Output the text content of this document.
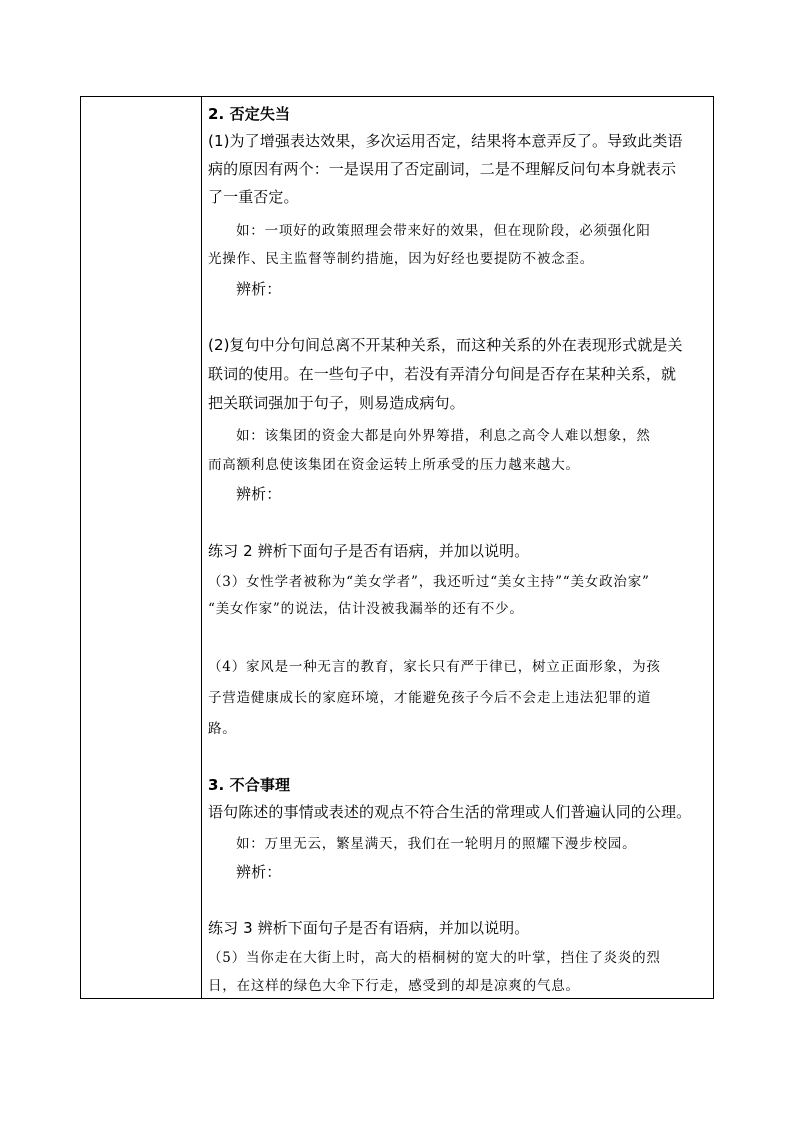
2. 否定失当
(1)为了增强表达效果，多次运用否定，结果将本意弄反了。导致此类语
病的原因有两个：一是误用了否定副词，二是不理解反问句本身就表示
了一重否定。
如：一项好的政策照理会带来好的效果，但在现阶段，必须强化阳
光操作、民主监督等制约措施，因为好经也要提防不被念歪。
辨析：
(2)复句中分句间总离不开某种关系，而这种关系的外在表现形式就是关
联词的使用。在一些句子中，若没有弄清分句间是否存在某种关系，就
把关联词强加于句子，则易造成病句。
如：该集团的资金大都是向外界筹措，利息之高令人难以想象，然
而高额利息使该集团在资金运转上所承受的压力越来越大。
辨析：
练习 2 辨析下面句子是否有语病，并加以说明。
（3）女性学者被称为“美女学者”，我还听过“美女主持”“美女政治家”
“美女作家”的说法，估计没被我漏举的还有不少。
（4）家风是一种无言的教育，家长只有严于律已，树立正面形象，为孩
子营造健康成长的家庭环境，才能避免孩子今后不会走上违法犯罪的道
路。
3. 不合事理
语句陈述的事情或表述的观点不符合生活的常理或人们普遍认同的公理。
如：万里无云，繁星满天，我们在一轮明月的照耀下漫步校园。
辨析：
练习 3 辨析下面句子是否有语病，并加以说明。
（5）当你走在大街上时，高大的梧桐树的宽大的叶掌，挡住了炎炎的烈
日，在这样的绿色大伞下行走，感受到的却是凉爽的气息。
